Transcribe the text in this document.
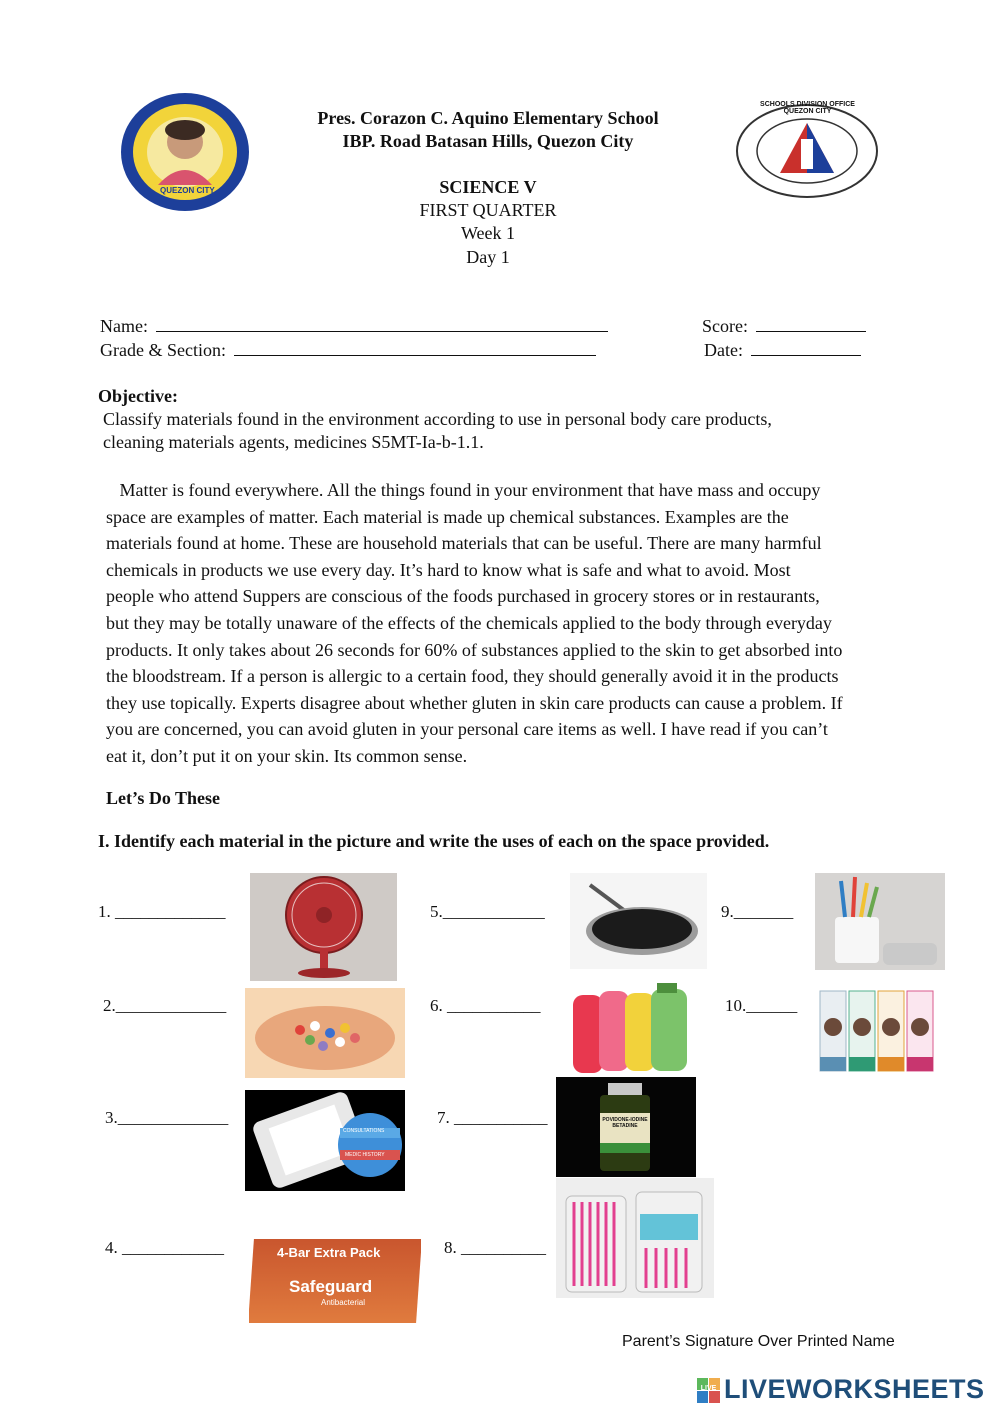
QUEZON CITY
SCHOOLS DIVISION OFFICE QUEZON CITY
Pres. Corazon C. Aquino Elementary School
IBP. Road Batasan Hills, Quezon City
SCIENCE V
FIRST QUARTER
Week 1
Day 1
Name:
Grade & Section:
Score:
Date:
Objective:
Classify materials found in the environment according to use in personal body care products,
cleaning materials agents, medicines S5MT-Ia-b-1.1.
Matter is found everywhere. All the things found in your environment that have mass and occupy
space are examples of matter. Each material is made up chemical substances. Examples are the
materials found at home. These are household materials that can be useful. There are many harmful
chemicals in products we use every day. It’s hard to know what is safe and what to avoid. Most
people who attend Suppers are conscious of the foods purchased in grocery stores or in restaurants,
but they may be totally unaware of the effects of the chemicals applied to the body through everyday
products. It only takes about 26 seconds for 60% of substances applied to the skin to get absorbed into
the bloodstream. If a person is allergic to a certain food, they should generally avoid it in the products
they use topically. Experts disagree about whether gluten in skin care products can cause a problem. If
you are concerned, you can avoid gluten in your personal care items as well. I have read if you can’t
eat it, don’t put it on your skin. Its common sense.
Let’s Do These
I. Identify each material in the picture and write the uses of each on the space provided.
1. _____________
2._____________
3._____________
4. ____________
5.____________
6. ___________
7. ___________
8. __________
9._______
10.______
CONSULTATIONS
MEDIC HISTORY
4-Bar Extra Pack
Safeguard
Antibacterial
POVIDONE-IODINE BETADINE
Parent’s Signature Over Printed Name
LIVE LIVEWORKSHEETS
